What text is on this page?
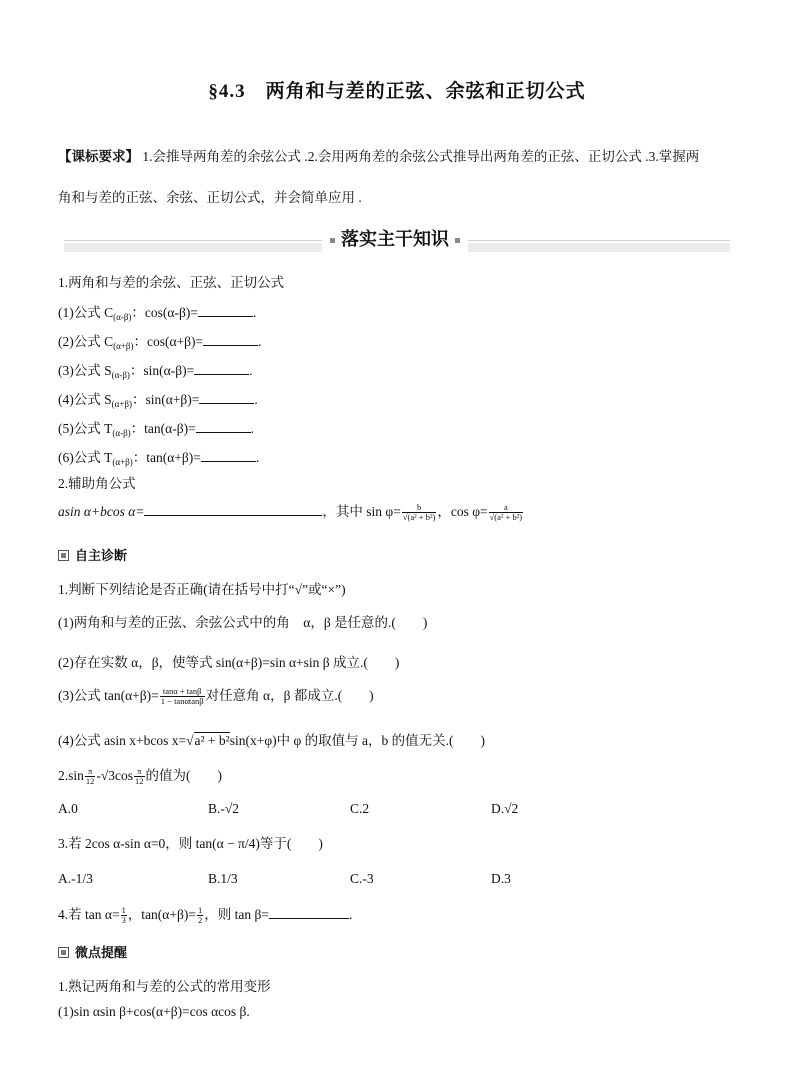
§4.3　两角和与差的正弦、余弦和正切公式
【课标要求】 1.会推导两角差的余弦公式 .2.会用两角差的余弦公式推导出两角差的正弦、正切公式 .3.掌握两
角和与差的正弦、余弦、正切公式，并会简单应用 .
落实主干知识
1.两角和与差的余弦、正弦、正切公式
(1)公式 $C_{(\alpha-\beta)}$：cos(α-β)=	.
(2)公式 $C_{(\alpha+\beta)}$：cos(α+β)=	.
(3)公式 $S_{(\alpha-\beta)}$：sin(α-β)=	.
(4)公式 $S_{(\alpha+\beta)}$：sin(α+β)=	.
(5)公式 $T_{(\alpha-\beta)}$：tan(α-β)=	.
(6)公式 $T_{(\alpha+\beta)}$：tan(α+β)=	.
2.辅助角公式
asin α+bcos α=	，其中 $\sin \varphi= \frac{b}{\text{√(a² + b²)}}$ ，$\cos \varphi= \frac{a}{\text{√(a² + b²)}}$
自主诊断
1.判断下列结论是否正确(请在括号中打“√”或“×”)
(1)两角和与差的正弦、余弦公式中的角　α，β 是任意的.(　　)
(2)存在实数 α，β，使等式 sin(α+β)=sin α+sin β 成立.(　　)
(3)公式 $\tan(\alpha+\beta)= \frac{\tan\alpha + \tan\beta}{1 - \tan\alpha\tan\beta}$ 对任意角 α，β 都成立.(　　)
(4)公式 asin x+bcos x=√a² + b²sin(x+φ)中 φ 的取值与 a，b 的值无关.(　　)
$2.\sin \frac{\pi}{12} -√3\cos \frac{\pi}{12}$ 的值为(　　)
A.0	B.-√2	C.2	D.√2
3.若 2cos α-sin α=0，则 tan(α − π/4)等于(　　)
A.-1/3	B.1/3	C.-3	D.3
4.若 $\tan \alpha= \frac{1}{3}$ ，$\tan(\alpha+\beta)= \frac{1}{2}$ ，则 tan β=	.
微点提醒
1.熟记两角和与差的公式的常用变形
(1)sin αsin β+cos(α+β)=cos αcos β.
